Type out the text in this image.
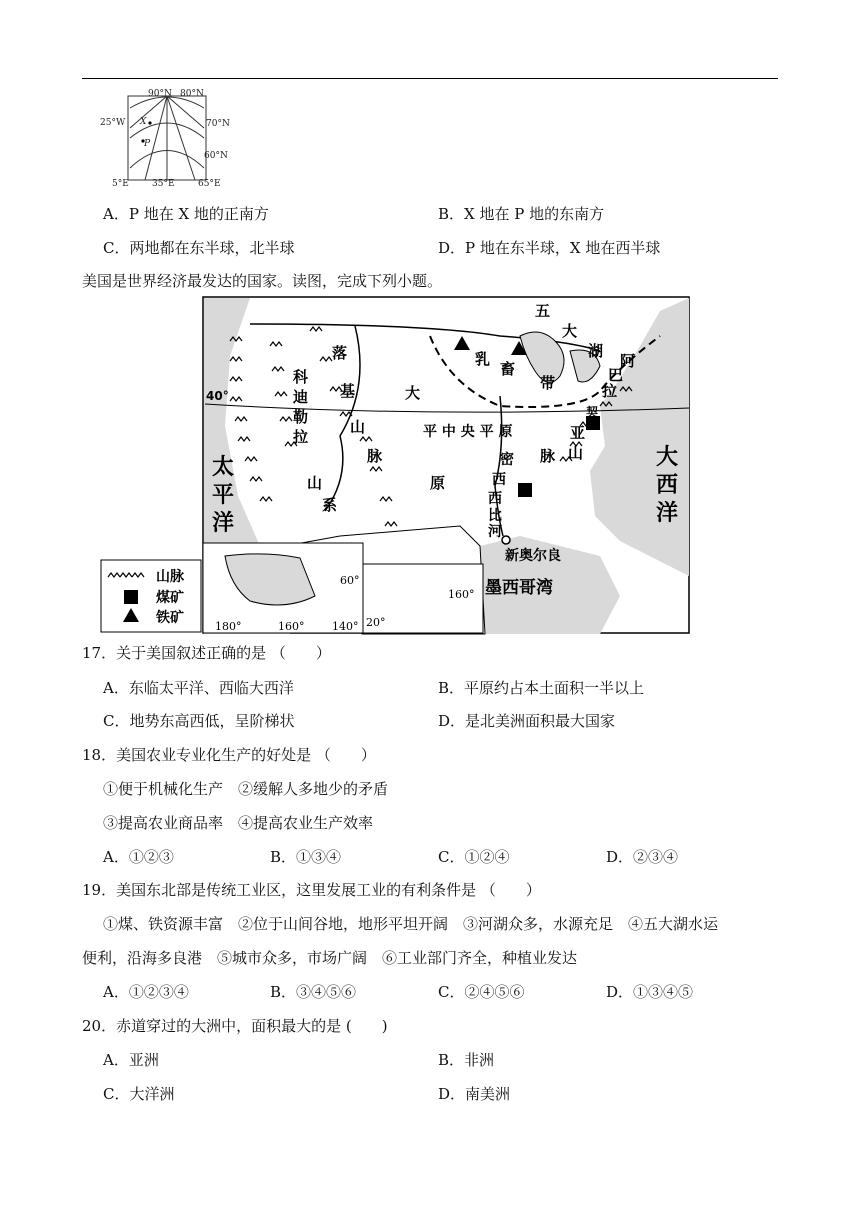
90°N 80°N
25°W	70°N
60°N
5°E	35°E	65°E
X
P
A．P 地在 X 地的正南方	B．X 地在 P 地的东南方
C．两地都在东半球，北半球	D．P 地在东半球，X 地在西半球
美国是世界经济最发达的国家。读图，完成下列小题。
五
大
湖
乳
畜
带
落
基
山
脉
科
迪
勒
拉
山
系
大
原
平 中 央 平 原
阿
巴
拉
契
亚
山
脉
密
西
西
比
河
新奥尔良
墨西哥湾
40°
太
平
洋
大
西
洋
60°
180°	160°	140° 20°
160°
山脉
煤矿
铁矿
17．关于美国叙述正确的是 （　　）
A．东临太平洋、西临大西洋	B．平原约占本土面积一半以上
C．地势东高西低，呈阶梯状	D．是北美洲面积最大国家
18．美国农业专业化生产的好处是 （　　）
①便于机械化生产　②缓解人多地少的矛盾
③提高农业商品率　④提高农业生产效率
A．①②③	B．①③④	C．①②④	D．②③④
19．美国东北部是传统工业区，这里发展工业的有利条件是 （　　）
①煤、铁资源丰富　②位于山间谷地，地形平坦开阔　③河湖众多，水源充足　④五大湖水运
便利，沿海多良港　⑤城市众多，市场广阔　⑥工业部门齐全，种植业发达
A．①②③④	B．③④⑤⑥	C．②④⑤⑥	D．①③④⑤
20．赤道穿过的大洲中，面积最大的是 (　　)
A．亚洲	B．非洲
C．大洋洲	D．南美洲
